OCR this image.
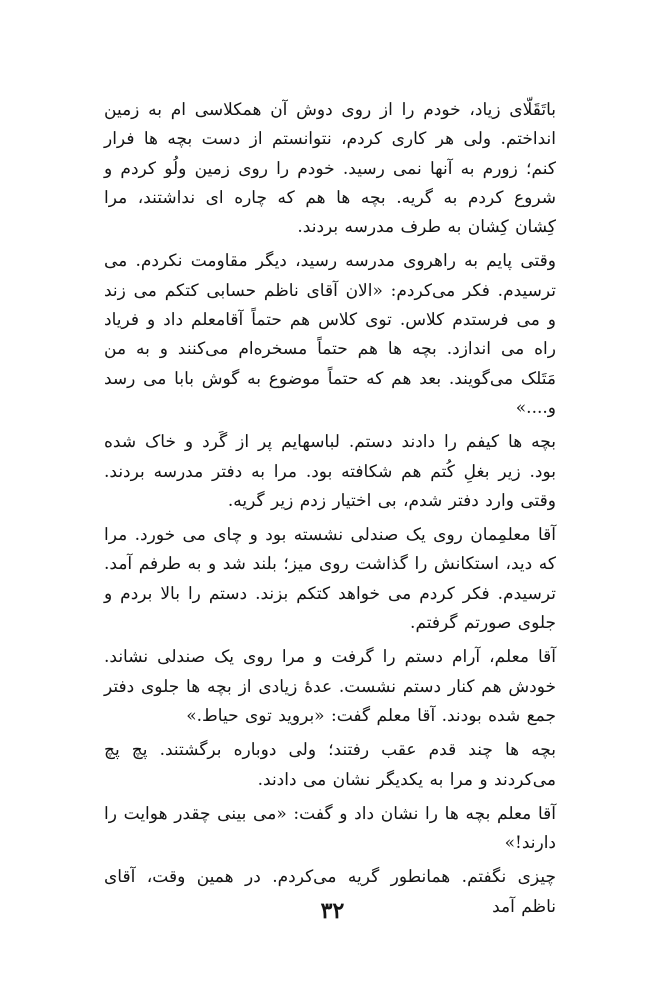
باتَقَلّای زیاد، خودم را از روی دوش آن همکلاسی ام به زمین انداختم. ولی هر کاری کردم، نتوانستم از دست بچه ها فرار کنم؛ زورم به آنها نمی رسید. خودم را روی زمین ولُو کردم و شروع کردم به گریه. بچه ها هم که چاره ای نداشتند، مرا کِشان کِشان به طرف مدرسه بردند.

وقتی پایم به راهروی مدرسه رسید، دیگر مقاومت نکردم. می ترسیدم. فکر می‌کردم: «الان آقای ناظم حسابی کتکم می زند و می فرستدم کلاس. توی کلاس هم حتماً آقامعلم داد و فریاد راه می اندازد. بچه ها هم حتماً مسخره‌ام می‌کنند و به من مَتَلک می‌گویند. بعد هم که حتماً موضوع به گوش بابا می رسد و....»

بچه ها کیفم را دادند دستم. لباسهایم پر از گَرد و خاک شده بود. زیر بغلِ کُتم هم شکافته بود. مرا به دفتر مدرسه بردند. وقتی وارد دفتر شدم، بی اختیار زدم زیر گریه.

آقا معلمِمان روی یک صندلی نشسته بود و چای می خورد. مرا که دید، استکانش را گذاشت روی میز؛ بلند شد و به طرفم آمد. ترسیدم. فکر کردم می خواهد کتکم بزند. دستم را بالا بردم و جلوی صورتم گرفتم.

آقا معلم، آرام دستم را گرفت و مرا روی یک صندلی نشاند. خودش هم کنار دستم نشست. عدهٔ زیادی از بچه ها جلوی دفتر جمع شده بودند. آقا معلم گفت: «بروید توی حیاط.»

بچه ها چند قدم عقب رفتند؛ ولی دوباره برگشتند. پچ پچ می‌کردند و مرا به یکدیگر نشان می دادند.

آقا معلم بچه ها را نشان داد و گفت: «می بینی چقدر هوایت را دارند!»

چیزی نگفتم. همانطور گریه می‌کردم. در همین وقت، آقای ناظم آمد

۳۲
